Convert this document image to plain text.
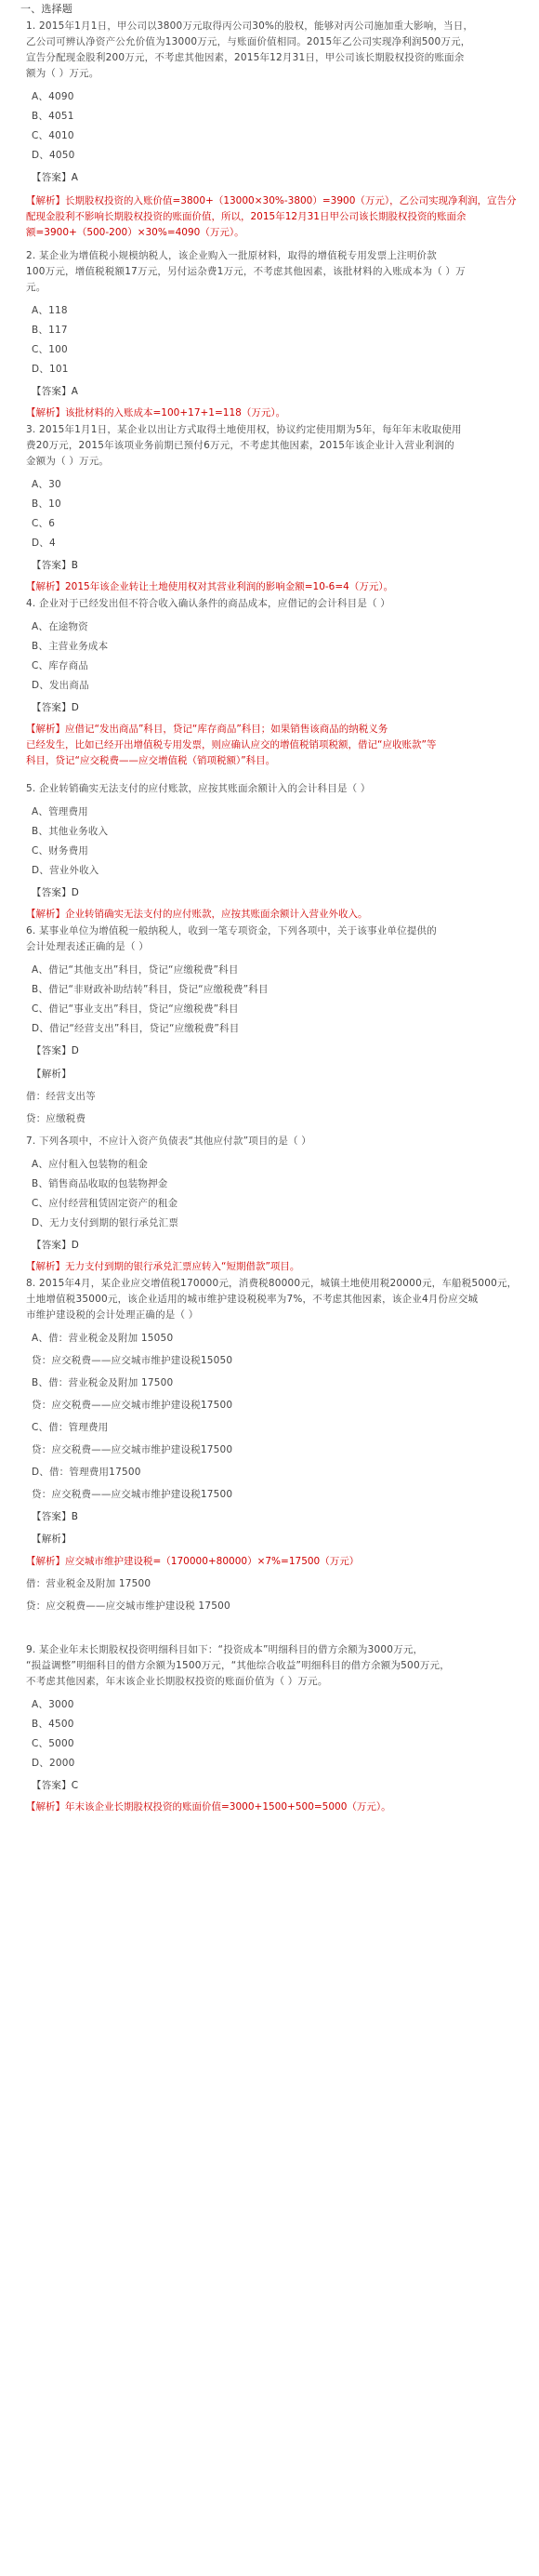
一、选择题
1. 2015年1月1日，甲公司以3800万元取得丙公司30%的股权，能够对丙公司施加重大影响，当日，
乙公司可辨认净资产公允价值为13000万元，与账面价值相同。2015年乙公司实现净利润500万元，
宣告分配现金股利200万元，不考虑其他因素，2015年12月31日，甲公司该长期股权投资的账面余
额为（ ）万元。
A、4090
B、4051
C、4010
D、4050
【答案】A
2. 某企业为增值税小规模纳税人，该企业购入一批原材料，取得的增值税专用发票上注明价款
100万元，增值税税额17万元，另付运杂费1万元，不考虑其他因素，该批材料的入账成本为（ ）万
元。
A、118
B、117
C、100
D、101
【答案】A
3. 2015年1月1日，某企业以出让方式取得土地使用权，协议约定使用期为5年，每年年末收取使用
费20万元，2015年该项业务前期已预付6万元，不考虑其他因素，2015年该企业计入营业利润的
金额为（ ）万元。
A、30
B、10
C、6
D、4
【答案】B
4. 企业对于已经发出但不符合收入确认条件的商品成本，应借记的会计科目是（ ）
A、在途物资
B、主营业务成本
C、库存商品
D、发出商品
【答案】D
5. 企业转销确实无法支付的应付账款，应按其账面余额计入的会计科目是（ ）
A、管理费用
B、其他业务收入
C、财务费用
D、营业外收入
【答案】D
6. 某事业单位为增值税一般纳税人，收到一笔专项资金，下列各项中，关于该事业单位提供的
会计处理表述正确的是（ ）
A、借记“其他支出”科目，贷记“应缴税费”科目
B、借记“非财政补助结转”科目，贷记“应缴税费”科目
C、借记“事业支出”科目，贷记“应缴税费”科目
D、借记“经营支出”科目，贷记“应缴税费”科目
【答案】D
【解析】
借：经营支出等
贷：应缴税费
7. 下列各项中，不应计入资产负债表“其他应付款”项目的是（ ）
A、应付租入包装物的租金
B、销售商品收取的包装物押金
C、应付经营租赁固定资产的租金
D、无力支付到期的银行承兑汇票
【答案】D
8. 2015年4月，某企业应交增值税170000元，消费税80000元，城镇土地使用税20000元，车船税5000元，
土地增值税35000元，该企业适用的城市维护建设税税率为7%，不考虑其他因素，该企业4月份应交城
市维护建设税的会计处理正确的是（ ）
A、借：营业税金及附加 15050
贷：应交税费——应交城市维护建设税15050
B、借：营业税金及附加 17500
贷：应交税费——应交城市维护建设税17500
C、借：管理费用
贷：应交税费——应交城市维护建设税17500
D、借：管理费用17500
贷：应交税费——应交城市维护建设税17500
【答案】B
【解析】
借：营业税金及附加 17500
贷：应交税费——应交城市维护建设税 17500
9. 某企业年末长期股权投资明细科目如下：“投资成本”明细科目的借方余额为3000万元，
“损益调整”明细科目的借方余额为1500万元，“其他综合收益”明细科目的借方余额为500万元，
不考虑其他因素，年末该企业长期股权投资的账面价值为（ ）万元。
A、3000
B、4500
C、5000
D、2000
【答案】C
【解析】长期股权投资的入账价值=3800+（13000×30%-3800）=3900（万元），乙公司实现净利润，宣告分
配现金股利不影响长期股权投资的账面价值，所以，2015年12月31日甲公司该长期股权投资的账面余
额=3900+（500-200）×30%=4090（万元）。
【解析】该批材料的入账成本=100+17+1=118（万元）。
【解析】2015年该企业转让土地使用权对其营业利润的影响金额=10-6=4（万元）。
【解析】应借记“发出商品”科目，贷记“库存商品”科目；如果销售该商品的纳税义务
已经发生，比如已经开出增值税专用发票，则应确认应交的增值税销项税额，借记“应收账款”等
科目，贷记“应交税费——应交增值税（销项税额）”科目。
【解析】企业转销确实无法支付的应付账款，应按其账面余额计入营业外收入。
【解析】无力支付到期的银行承兑汇票应转入“短期借款”项目。
【解析】应交城市维护建设税=（170000+80000）×7%=17500（万元）
【解析】年末该企业长期股权投资的账面价值=3000+1500+500=5000（万元）。
